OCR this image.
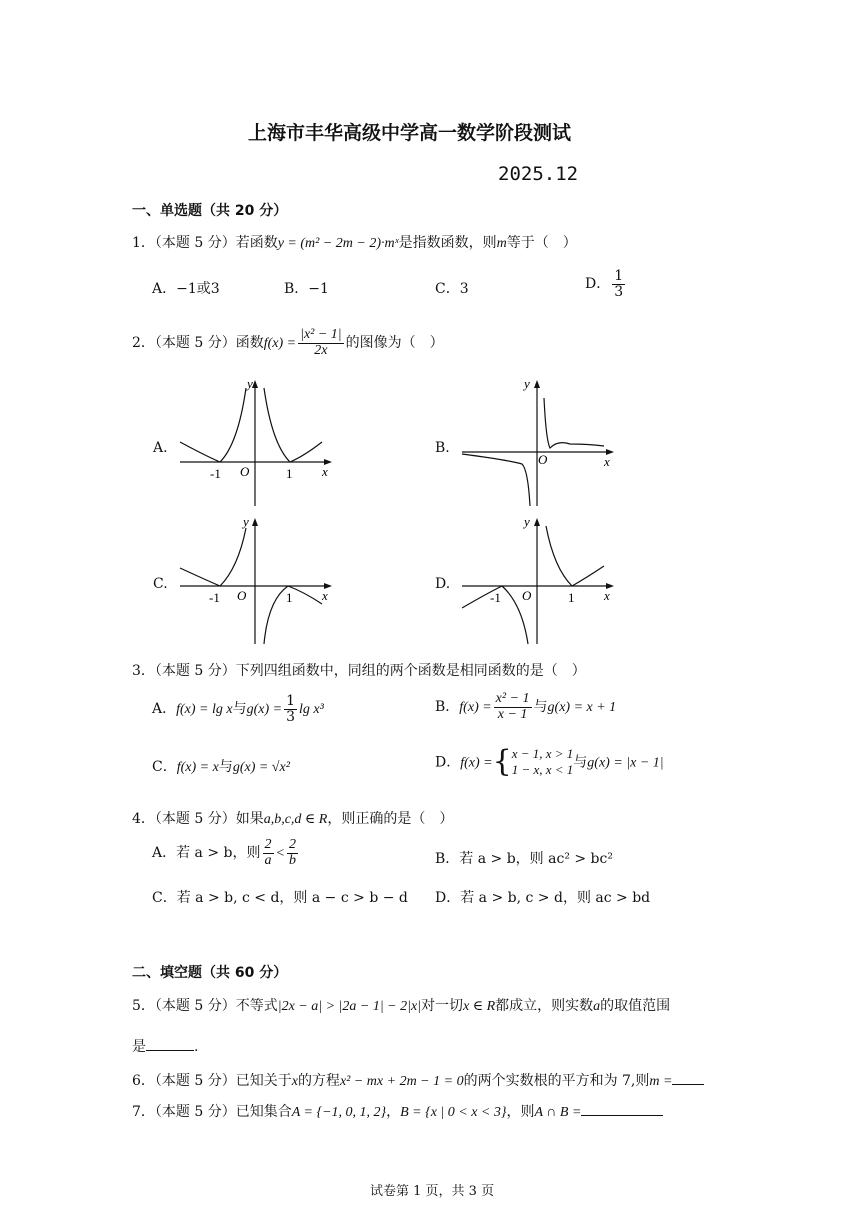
上海市丰华高级中学高一数学阶段测试
2025.12
一、单选题（共 20 分）
1．（本题 5 分）若函数y = (m² − 2m − 2)·mˣ是指数函数，则m等于（　）
A．−1或3	B．−1	C．3	D． $\frac{1}{3}$
2．（本题 5 分）函数$f(x) = \frac{\text{|x² − 1|}}{2x}$ 的图像为（　）
A.
y
x
O
-1	1
B.
y
x
O
C.
y
x
O
-1	1
D.
y
x
O
-1	1
3．（本题 5 分）下列四组函数中，同组的两个函数是相同函数的是（　）
A．f(x) = lg x与$g(x) = \frac{1}{3}$ lg x³	B．$f(x) = \frac{\text{x² − 1}}{x - 1}$ 与g(x) = x + 1
C．f(x) = x与g(x) = √x²	D．f(x) ={ x − 1, x > 1
1 − x, x < 1 与g(x) = |x − 1|
4．（本题 5 分）如果a,b,c,d ∈ R，则正确的是（　）
A．若 a > b，则 $\frac{2}{a} < \frac{2}{b}$	B．若 a > b，则 ac² > bc²
C．若 a > b, c < d，则 a − c > b − d D．若 a > b, c > d，则 ac > bd
二、填空题（共 60 分）
5．（本题 5 分）不等式|2x − a| > |2a − 1| − 2|x|对一切x ∈ R都成立，则实数a的取值范围
是	.
6．（本题 5 分）已知关于x的方程x² − mx + 2m − 1 = 0的两个实数根的平方和为 7,则m =
7．（本题 5 分）已知集合A = {−1, 0, 1, 2}，B = {x | 0 < x < 3}，则A ∩ B =
试卷第 1 页，共 3 页
